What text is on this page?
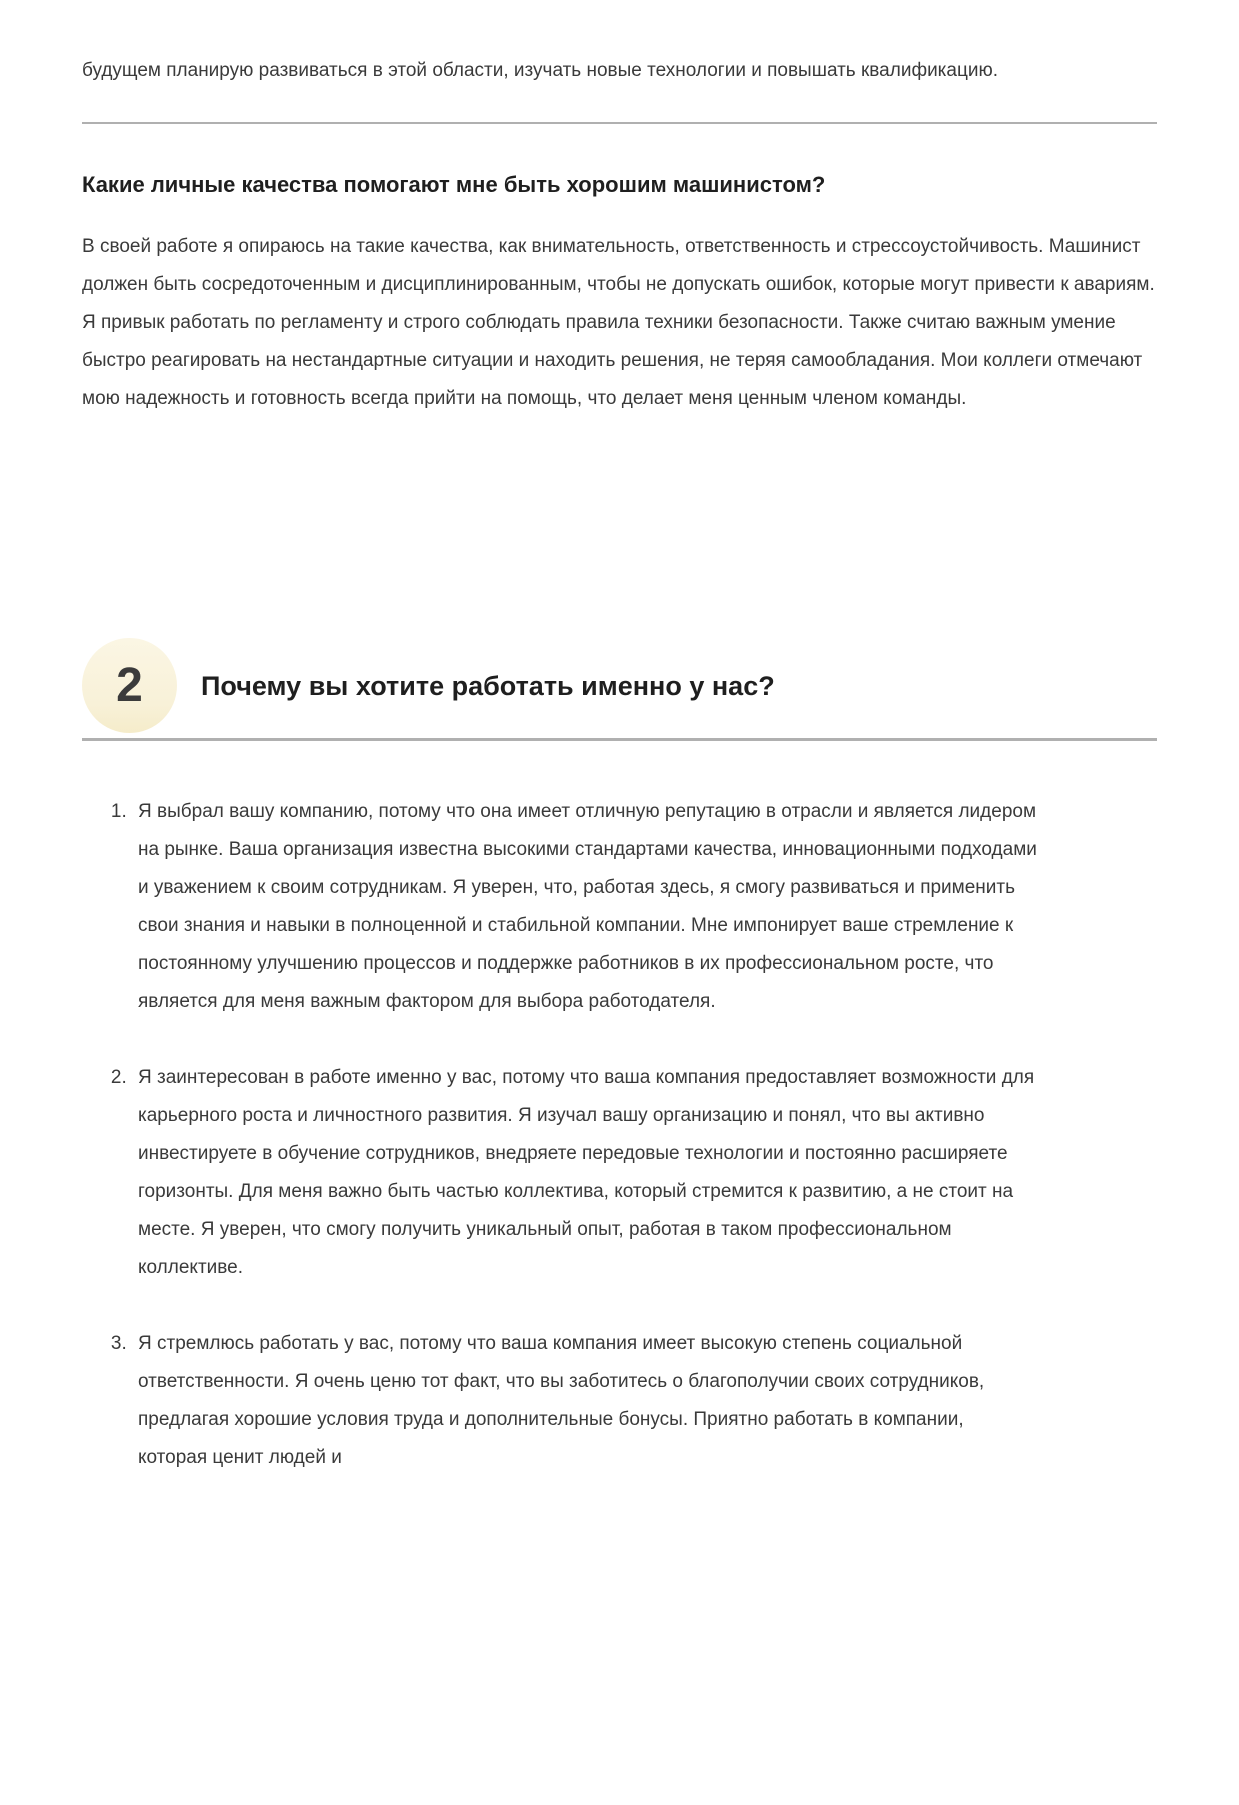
будущем планирую развиваться в этой области, изучать новые технологии и повышать квалификацию.

Какие личные качества помогают мне быть хорошим машинистом?

В своей работе я опираюсь на такие качества, как внимательность, ответственность и стрессоустойчивость. Машинист должен быть сосредоточенным и дисциплинированным, чтобы не допускать ошибок, которые могут привести к авариям. Я привык работать по регламенту и строго соблюдать правила техники безопасности. Также считаю важным умение быстро реагировать на нестандартные ситуации и находить решения, не теряя самообладания. Мои коллеги отмечают мою надежность и готовность всегда прийти на помощь, что делает меня ценным членом команды.

2 Почему вы хотите работать именно у нас?
1. Я выбрал вашу компанию, потому что она имеет отличную репутацию в отрасли и является лидером на рынке. Ваша организация известна высокими стандартами качества, инновационными подходами и уважением к своим сотрудникам. Я уверен, что, работая здесь, я смогу развиваться и применить свои знания и навыки в полноценной и стабильной компании. Мне импонирует ваше стремление к постоянному улучшению процессов и поддержке работников в их профессиональном росте, что является для меня важным фактором для выбора работодателя.
2. Я заинтересован в работе именно у вас, потому что ваша компания предоставляет возможности для карьерного роста и личностного развития. Я изучал вашу организацию и понял, что вы активно инвестируете в обучение сотрудников, внедряете передовые технологии и постоянно расширяете горизонты. Для меня важно быть частью коллектива, который стремится к развитию, а не стоит на месте. Я уверен, что смогу получить уникальный опыт, работая в таком профессиональном коллективе.
3. Я стремлюсь работать у вас, потому что ваша компания имеет высокую степень социальной ответственности. Я очень ценю тот факт, что вы заботитесь о благополучии своих сотрудников, предлагая хорошие условия труда и дополнительные бонусы. Приятно работать в компании, которая ценит людей и
